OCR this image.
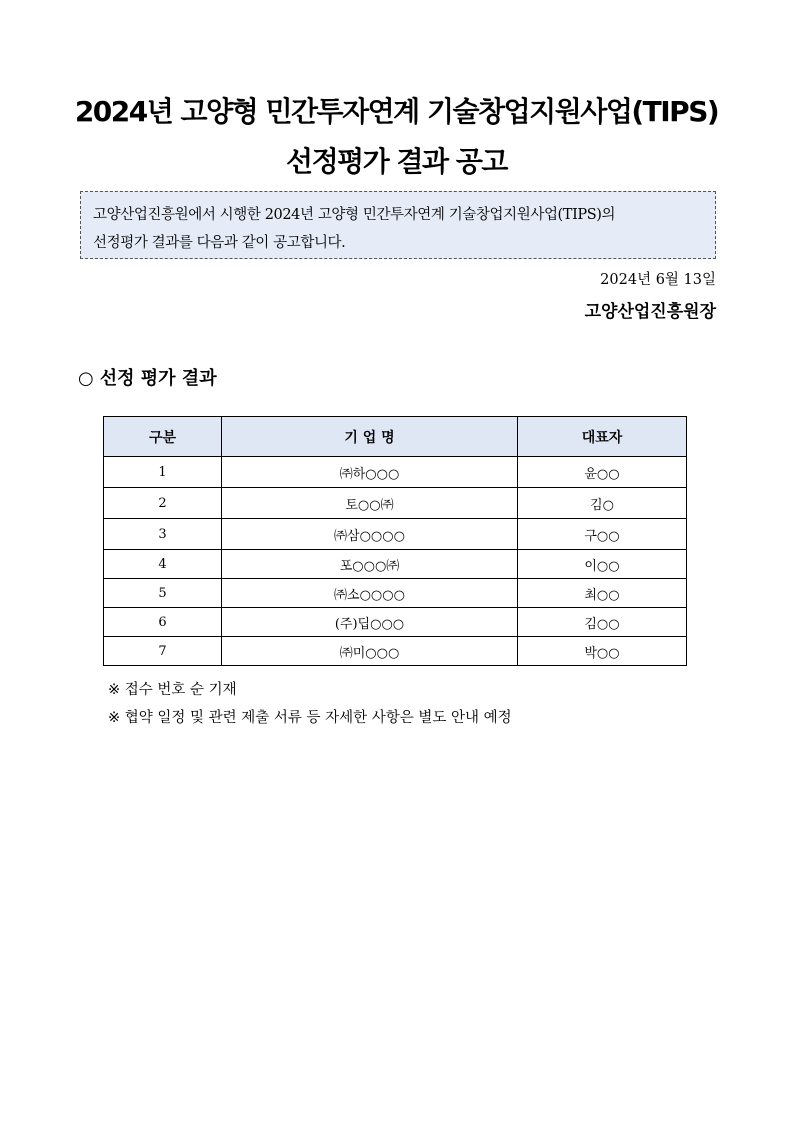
2024년 고양형 민간투자연계 기술창업지원사업(TIPS)
선정평가 결과 공고

고양산업진흥원에서 시행한 2024년 고양형 민간투자연계 기술창업지원사업(TIPS)의

선정평가 결과를 다음과 같이 공고합니다.

2024년 6월 13일
고양산업진흥원장
○ 선정 평가 결과
구분	기 업 명	대표자
1	㈜하○○○	윤○○
2	토○○㈜	김○
3	㈜삼○○○○	구○○
4	포○○○㈜	이○○
5	㈜소○○○○	최○○
6	(주)딥○○○	김○○
7	㈜미○○○	박○○
※ 접수 번호 순 기재
※ 협약 일정 및 관련 제출 서류 등 자세한 사항은 별도 안내 예정
